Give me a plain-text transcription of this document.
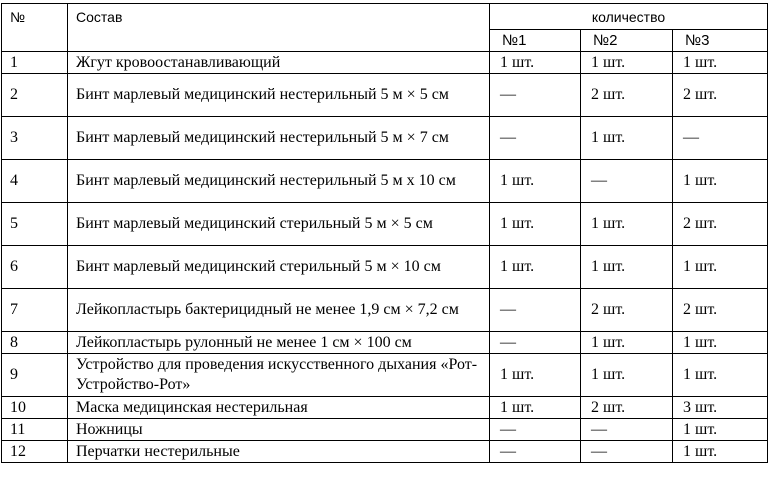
№	Состав	количество		
		№1	№2	№3
1	Жгут кровоостанавливающий	1 шт.	1 шт.	1 шт.
2	Бинт марлевый медицинский нестерильный 5 м × 5 см	—	2 шт.	2 шт.
3	Бинт марлевый медицинский нестерильный 5 м × 7 см	—	1 шт.	—
4	Бинт марлевый медицинский нестерильный 5 м х 10 см	1 шт.	—	1 шт.
5	Бинт марлевый медицинский стерильный 5 м × 5 см	1 шт.	1 шт.	2 шт.
6	Бинт марлевый медицинский стерильный 5 м × 10 см	1 шт.	1 шт.	1 шт.
7	Лейкопластырь бактерицидный не менее 1,9 см × 7,2 см	—	2 шт.	2 шт.
8	Лейкопластырь рулонный не менее 1 см × 100 см	—	1 шт.	1 шт.
9	Устройство для проведения искусственного дыхания «Рот-Устройство-Рот»	1 шт.	1 шт.	1 шт.
10	Маска медицинская нестерильная	1 шт.	2 шт.	3 шт.
11	Ножницы	—	—	1 шт.
12	Перчатки нестерильные	—	—	1 шт.
